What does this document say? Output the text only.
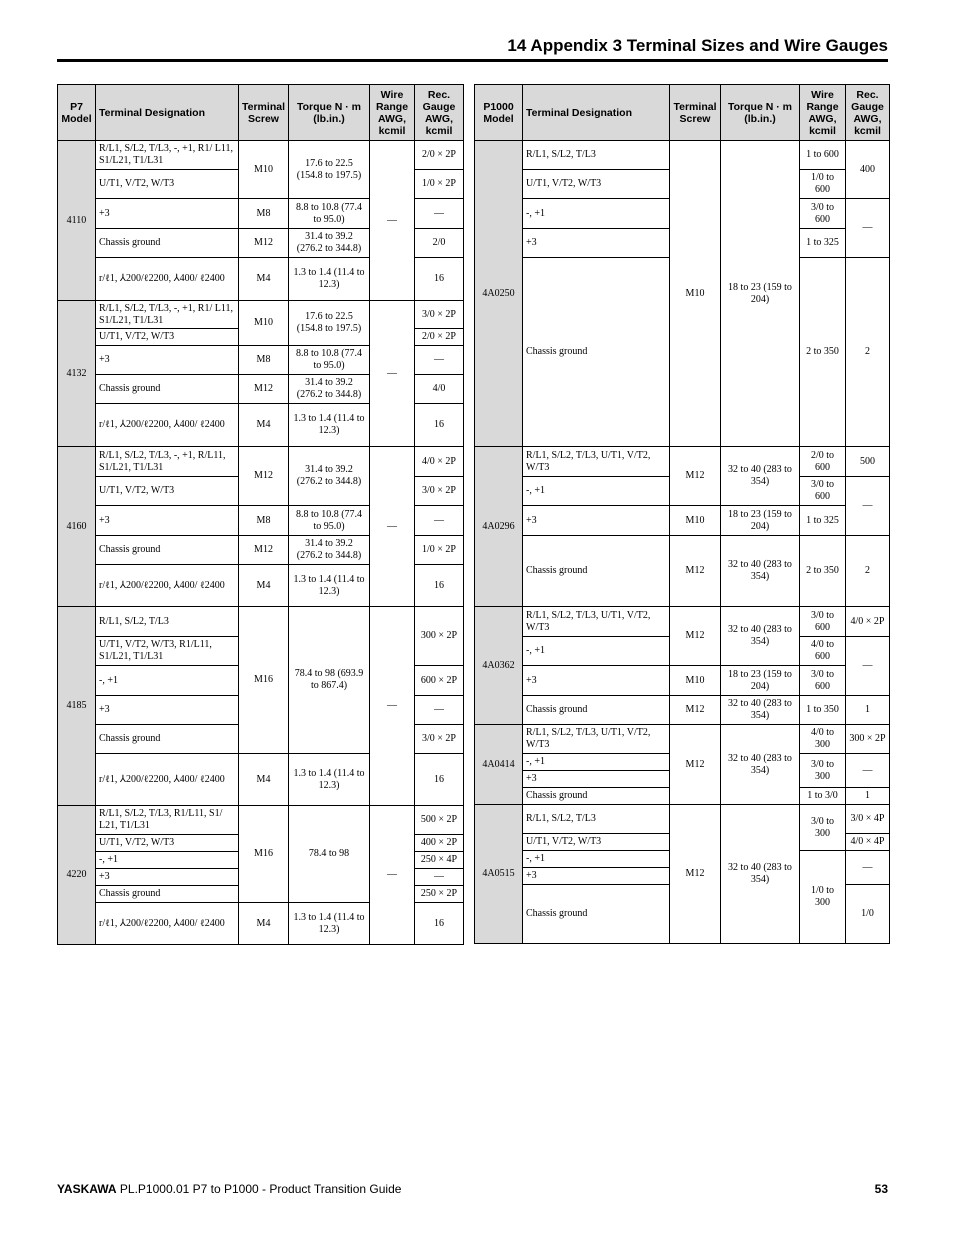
14 Appendix 3 Terminal Sizes and Wire Gauges
P7 Model	Terminal Designation	Terminal Screw	Torque N · m (lb.in.)	Wire Range AWG, kcmil	Rec. Gauge AWG, kcmil
4110	R/L1, S/L2, T/L3, -, +1, R1/ L11, S1/L21, T1/L31	M10	17.6 to 22.5 (154.8 to 197.5)	—	2/0 × 2P
	U/T1, V/T2, W/T3				1/0 × 2P
	+3	M8	8.8 to 10.8 (77.4 to 95.0)		—
	Chassis ground	M12	31.4 to 39.2 (276.2 to 344.8)		2/0
	r/ℓ1, ⅄200/ℓ2200, ⅄400/ ℓ2400	M4	1.3 to 1.4 (11.4 to 12.3)		16
4132	R/L1, S/L2, T/L3, -, +1, R1/ L11, S1/L21, T1/L31	M10	17.6 to 22.5 (154.8 to 197.5)	—	3/0 × 2P
	U/T1, V/T2, W/T3				2/0 × 2P
	+3	M8	8.8 to 10.8 (77.4 to 95.0)		—
	Chassis ground	M12	31.4 to 39.2 (276.2 to 344.8)		4/0
	r/ℓ1, ⅄200/ℓ2200, ⅄400/ ℓ2400	M4	1.3 to 1.4 (11.4 to 12.3)		16
4160	R/L1, S/L2, T/L3, -, +1, R/L11, S1/L21, T1/L31	M12	31.4 to 39.2 (276.2 to 344.8)	—	4/0 × 2P
	U/T1, V/T2, W/T3				3/0 × 2P
	+3	M8	8.8 to 10.8 (77.4 to 95.0)		—
	Chassis ground	M12	31.4 to 39.2 (276.2 to 344.8)		1/0 × 2P
	r/ℓ1, ⅄200/ℓ2200, ⅄400/ ℓ2400	M4	1.3 to 1.4 (11.4 to 12.3)		16
4185	R/L1, S/L2, T/L3	M16	78.4 to 98 (693.9 to 867.4)	—	300 × 2P
	U/T1, V/T2, W/T3, R1/L11, S1/L21, T1/L31				
	-, +1				600 × 2P
	+3				—
	Chassis ground				3/0 × 2P
	r/ℓ1, ⅄200/ℓ2200, ⅄400/ ℓ2400	M4	1.3 to 1.4 (11.4 to 12.3)		16
4220	R/L1, S/L2, T/L3, R1/L11, S1/ L21, T1/L31	M16	78.4 to 98	—	500 × 2P
	U/T1, V/T2, W/T3				400 × 2P
	-, +1				250 × 4P
	+3				—
	Chassis ground				250 × 2P
	r/ℓ1, ⅄200/ℓ2200, ⅄400/ ℓ2400	M4	1.3 to 1.4 (11.4 to 12.3)		16
P1000 Model	Terminal Designation	Terminal Screw	Torque N · m (lb.in.)	Wire Range AWG, kcmil	Rec. Gauge AWG, kcmil
4A0250	R/L1, S/L2, T/L3	M10	18 to 23 (159 to 204)	1 to 600	400
	U/T1, V/T2, W/T3			1/0 to 600	
	-, +1			3/0 to 600	—
	+3			1 to 325	
	Chassis ground			2 to 350	2
4A0296	R/L1, S/L2, T/L3, U/T1, V/T2, W/T3	M12	32 to 40 (283 to 354)	2/0 to 600	500
	-, +1			3/0 to 600	—
	+3	M10	18 to 23 (159 to 204)	1 to 325	
	Chassis ground	M12	32 to 40 (283 to 354)	2 to 350	2
4A0362	R/L1, S/L2, T/L3, U/T1, V/T2, W/T3	M12	32 to 40 (283 to 354)	3/0 to 600	4/0 × 2P
	-, +1			4/0 to 600	—
	+3	M10	18 to 23 (159 to 204)	3/0 to 600	
	Chassis ground	M12	32 to 40 (283 to 354)	1 to 350	1
4A0414	R/L1, S/L2, T/L3, U/T1, V/T2, W/T3	M12	32 to 40 (283 to 354)	4/0 to 300	300 × 2P
	-, +1			3/0 to 300	—
	+3				
	Chassis ground			1 to 3/0	1
4A0515	R/L1, S/L2, T/L3	M12	32 to 40 (283 to 354)	3/0 to 300	3/0 × 4P
	U/T1, V/T2, W/T3				4/0 × 4P
	-, +1			1/0 to 300	—
	+3				
	Chassis ground				1/0
YASKAWA PL.P1000.01 P7 to P1000 - Product Transition Guide	53
